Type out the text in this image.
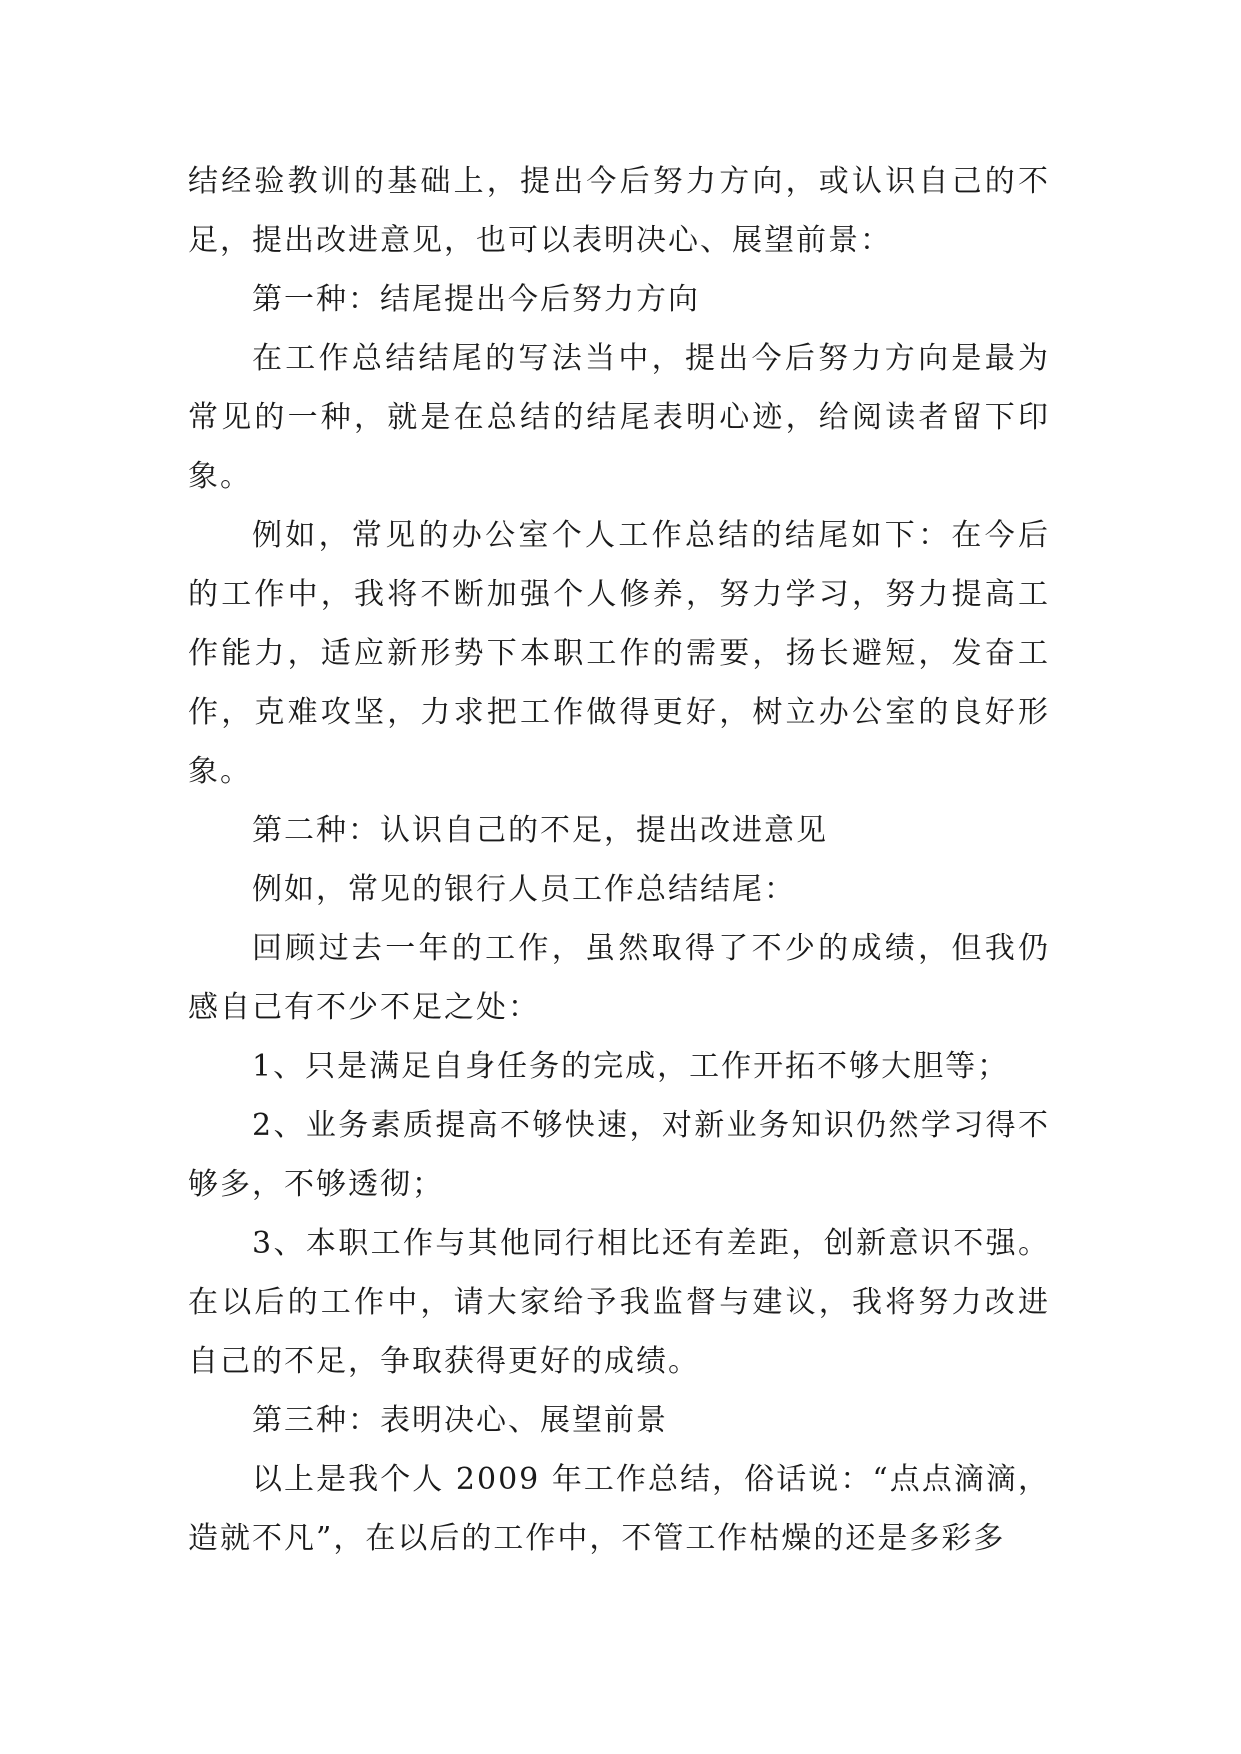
结经验教训的基础上，提出今后努力方向，或认识自己的不足，提出改进意见，也可以表明决心、展望前景：

第一种：结尾提出今后努力方向

在工作总结结尾的写法当中，提出今后努力方向是最为常见的一种，就是在总结的结尾表明心迹，给阅读者留下印象。

例如，常见的办公室个人工作总结的结尾如下：在今后的工作中，我将不断加强个人修养，努力学习，努力提高工作能力，适应新形势下本职工作的需要，扬长避短，发奋工作，克难攻坚，力求把工作做得更好，树立办公室的良好形象。

第二种：认识自己的不足，提出改进意见

例如，常见的银行人员工作总结结尾：

回顾过去一年的工作，虽然取得了不少的成绩，但我仍感自己有不少不足之处：

1、只是满足自身任务的完成，工作开拓不够大胆等；

2、业务素质提高不够快速，对新业务知识仍然学习得不够多，不够透彻；

3、本职工作与其他同行相比还有差距，创新意识不强。在以后的工作中，请大家给予我监督与建议，我将努力改进自己的不足，争取获得更好的成绩。

第三种：表明决心、展望前景

以上是我个人 2009 年工作总结，俗话说：“点点滴滴，造就不凡”，在以后的工作中，不管工作枯燥的还是多彩多
